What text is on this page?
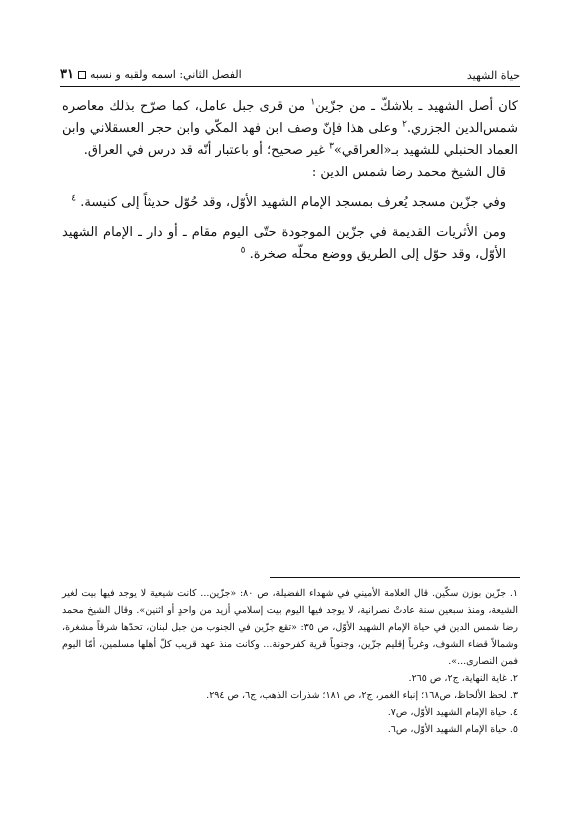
حياة الشهيد
الفصل الثاني: اسمه ولقبه و نسبه
٣١

كان أصل الشهيد ـ بلاشكّ ـ من جزّين$^١$ من قرى جبل عامل، كما صرّح بذلك معاصره شمس‌الدين الجزري.$^٢$ وعلى هذا فإنّ وصف ابن فهد المكّي وابن حجر العسقلاني وابن العماد الحنبلي للشهيد بـ«العراقي»$^٣$ غير صحيح؛ أو باعتبار أنّه قد درس في العراق.

قال الشيخ محمد رضا شمس الدين :

وفي جزّين مسجد يُعرف بمسجد الإمام الشهيد الأوّل، وقد حُوّل حديثاً إلى كنيسة. $^٤$

ومن الأثريات القديمة في جزّين الموجودة حتّى اليوم مقام ـ أو دار ـ الإمام الشهيد الأوّل، وقد حوّل إلى الطريق ووضع محلّه صخرة. $^٥$

١. جزّين بوزن سكّين. قال العلامة الأميني في شهداء الفضيلة، ص ٨٠: «جزّين... كانت شيعية لا يوجد فيها بيت لغير الشيعة، ومنذ سبعين سنة عادتْ نصرانية، لا يوجد فيها اليوم بيت إسلامي أزيد من واحدٍ أو اثنين». وقال الشيخ محمد رضا شمس الدين في حياة الإمام الشهيد الأوّل، ص ٣٥: «تقع جزّين في الجنوب من جبل لبنان، تحدّها شرقاً مشغرة، وشمالاً قضاء الشوف، وغرباً إقليم جزّين، وجنوباً قرية كفرحونة... وكانت منذ عهد قريب كلّ أهلها مسلمين، أمّا اليوم فمن النصارى...».

٢. غاية النهاية، ج٢، ص ٢٦٥.

٣. لحظ الألحاظ، ص١٦٨؛ إنباء الغمر، ج٢، ص ١٨١؛ شذرات الذهب، ج٦، ص ٢٩٤.

٤. حياة الإمام الشهيد الأوّل، ص٧.

٥. حياة الإمام الشهيد الأوّل، ص٦.
